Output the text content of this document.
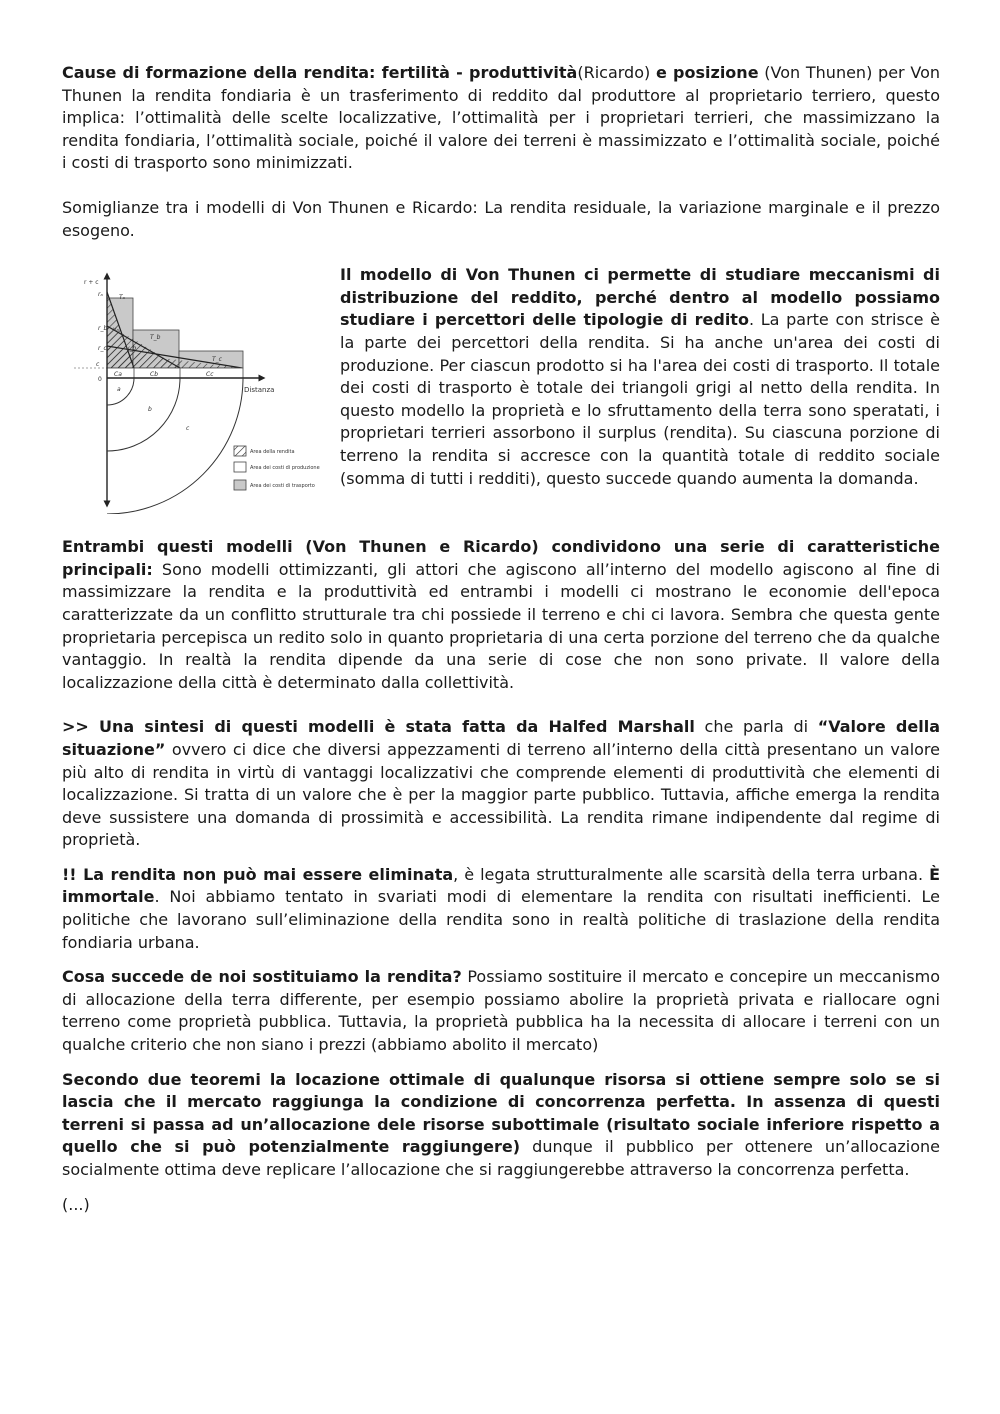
Cause di formazione della rendita: fertilità - produttività(Ricardo) e posizione (Von Thunen) per Von Thunen la rendita fondiaria è un trasferimento di reddito dal produttore al proprietario terriero, questo implica: l’ottimalità delle scelte localizzative, l’ottimalità per i proprietari terrieri, che massimizzano la rendita fondiaria, l’ottimalità sociale, poiché il valore dei terreni è massimizzato e l’ottimalità sociale, poiché i costi di trasporto sono minimizzati.

Somiglianze tra i modelli di Von Thunen e Ricardo: La rendita residuale, la variazione marginale e il prezzo esogeno.

r + c
Distanza
Tₐ
T_b
T_c
vₐ
v_b
rₐ
r_b
r_c
Ca	Cb	Cc
c
0
a
b
c
Area della rendita
Area dei costi di produzione
Area dei costi di trasporto

Il modello di Von Thunen ci permette di studiare meccanismi di distribuzione del reddito, perché dentro al modello possiamo studiare i percettori delle tipologie di redito. La parte con strisce è la parte dei percettori della rendita. Si ha anche un'area dei costi di produzione. Per ciascun prodotto si ha l'area dei costi di trasporto. Il totale dei costi di trasporto è totale dei triangoli grigi al netto della rendita. In questo modello la proprietà e lo sfruttamento della terra sono speratati, i proprietari terrieri assorbono il surplus (rendita). Su ciascuna porzione di terreno la rendita si accresce con la quantità totale di reddito sociale (somma di tutti i redditi), questo succede quando aumenta la domanda.

Entrambi questi modelli (Von Thunen e Ricardo) condividono una serie di caratteristiche principali: Sono modelli ottimizzanti, gli attori che agiscono all’interno del modello agiscono al fine di massimizzare la rendita e la produttività ed entrambi i modelli ci mostrano le economie dell'epoca caratterizzate da un conflitto strutturale tra chi possiede il terreno e chi ci lavora. Sembra che questa gente proprietaria percepisca un redito solo in quanto proprietaria di una certa porzione del terreno che da qualche vantaggio. In realtà la rendita dipende da una serie di cose che non sono private. Il valore della localizzazione della città è determinato dalla collettività.

>> Una sintesi di questi modelli è stata fatta da Halfed Marshall che parla di “Valore della situazione” ovvero ci dice che diversi appezzamenti di terreno all’interno della città presentano un valore più alto di rendita in virtù di vantaggi localizzativi che comprende elementi di produttività che elementi di localizzazione. Si tratta di un valore che è per la maggior parte pubblico. Tuttavia, affiche emerga la rendita deve sussistere una domanda di prossimità e accessibilità. La rendita rimane indipendente dal regime di proprietà.

!! La rendita non può mai essere eliminata, è legata strutturalmente alle scarsità della terra urbana. È immortale. Noi abbiamo tentato in svariati modi di elementare la rendita con risultati inefficienti. Le politiche che lavorano sull’eliminazione della rendita sono in realtà politiche di traslazione della rendita fondiaria urbana.

Cosa succede de noi sostituiamo la rendita? Possiamo sostituire il mercato e concepire un meccanismo di allocazione della terra differente, per esempio possiamo abolire la proprietà privata e riallocare ogni terreno come proprietà pubblica. Tuttavia, la proprietà pubblica ha la necessita di allocare i terreni con un qualche criterio che non siano i prezzi (abbiamo abolito il mercato)

Secondo due teoremi la locazione ottimale di qualunque risorsa si ottiene sempre solo se si lascia che il mercato raggiunga la condizione di concorrenza perfetta. In assenza di questi terreni si passa ad un’allocazione dele risorse subottimale (risultato sociale inferiore rispetto a quello che si può potenzialmente raggiungere) dunque il pubblico per ottenere un’allocazione socialmente ottima deve replicare l’allocazione che si raggiungerebbe attraverso la concorrenza perfetta.

(...)
